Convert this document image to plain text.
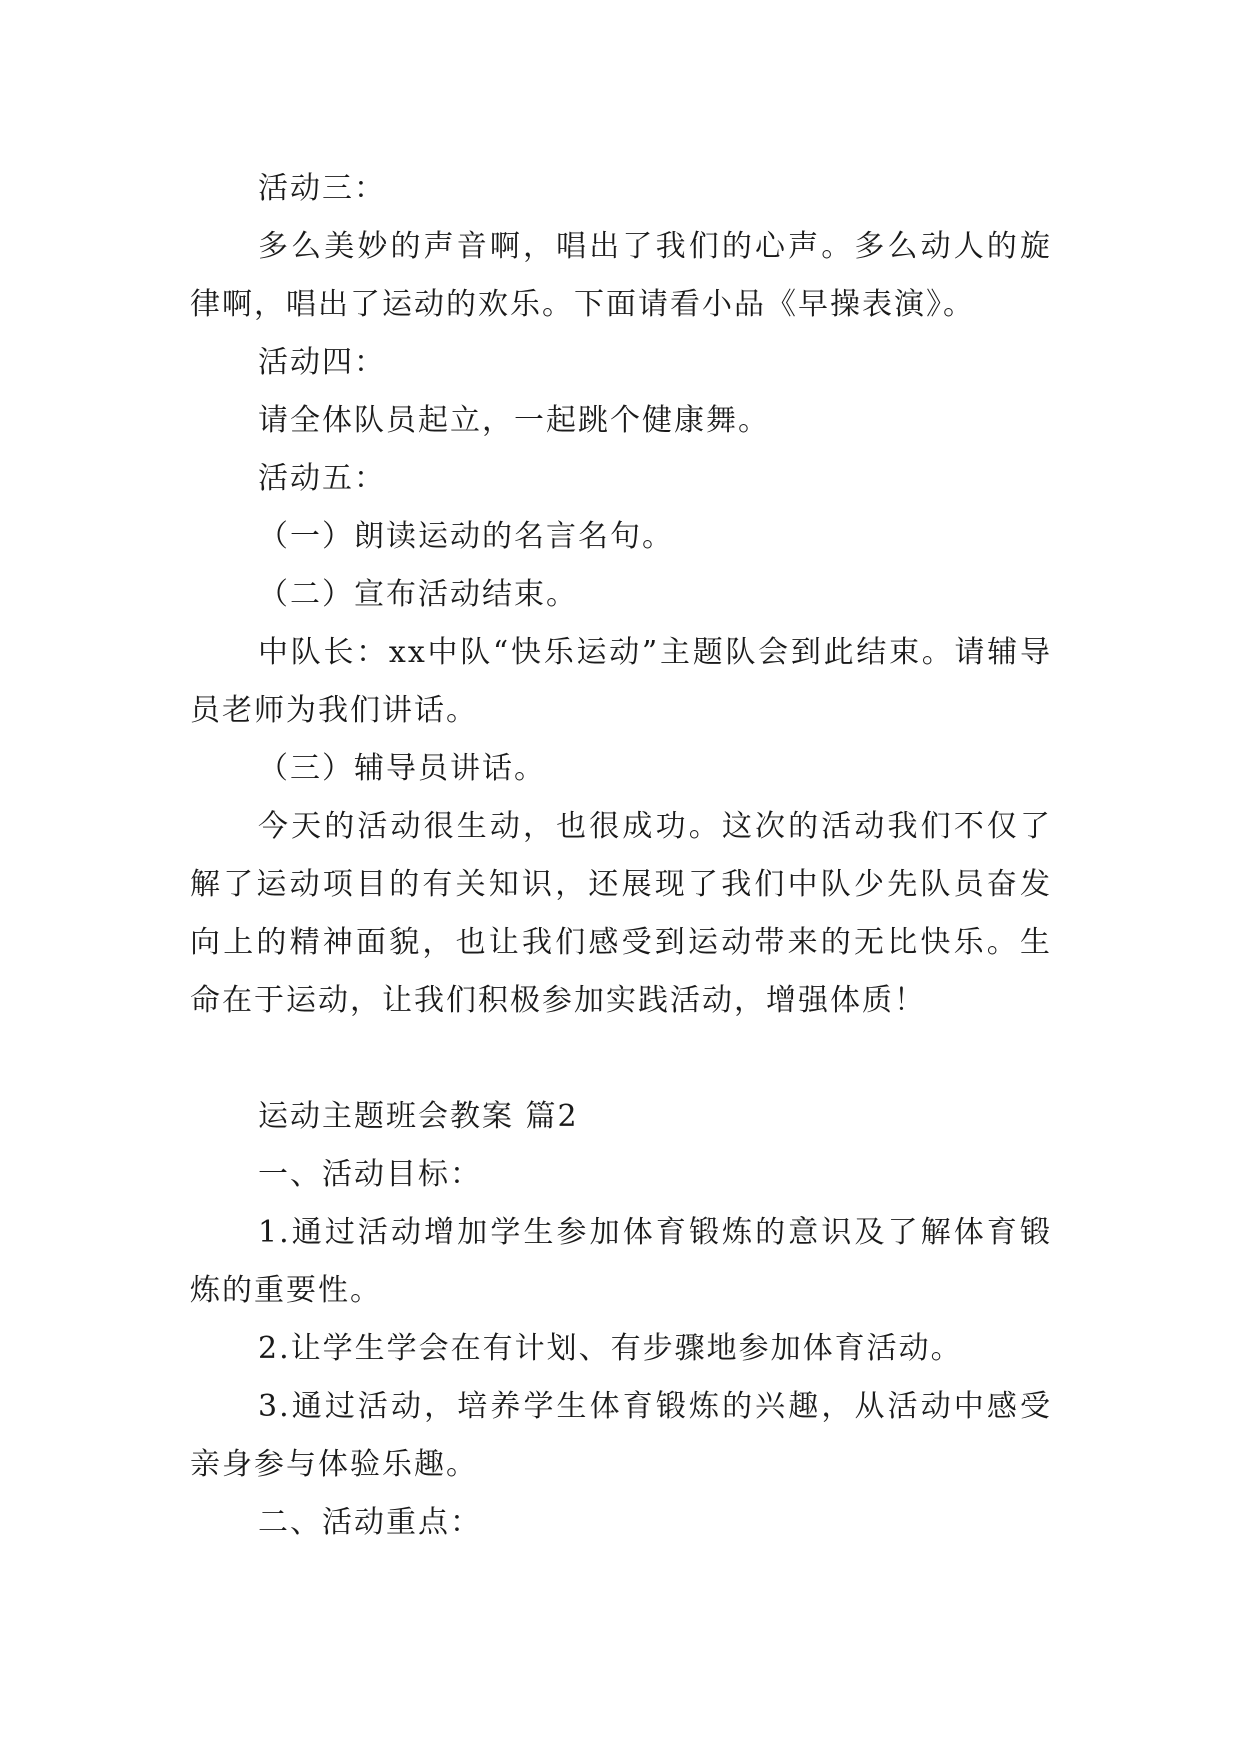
活动三：

多么美妙的声音啊，唱出了我们的心声。多么动人的旋律啊，唱出了运动的欢乐。下面请看小品《早操表演》。

活动四：

请全体队员起立，一起跳个健康舞。

活动五：

（一）朗读运动的名言名句。

（二）宣布活动结束。

中队长：xx中队“快乐运动”主题队会到此结束。请辅导员老师为我们讲话。

（三）辅导员讲话。

今天的活动很生动，也很成功。这次的活动我们不仅了解了运动项目的有关知识，还展现了我们中队少先队员奋发向上的精神面貌，也让我们感受到运动带来的无比快乐。生命在于运动，让我们积极参加实践活动，增强体质！

运动主题班会教案 篇2

一、活动目标：

1.通过活动增加学生参加体育锻炼的意识及了解体育锻炼的重要性。

2.让学生学会在有计划、有步骤地参加体育活动。

3.通过活动，培养学生体育锻炼的兴趣，从活动中感受亲身参与体验乐趣。

二、活动重点：
